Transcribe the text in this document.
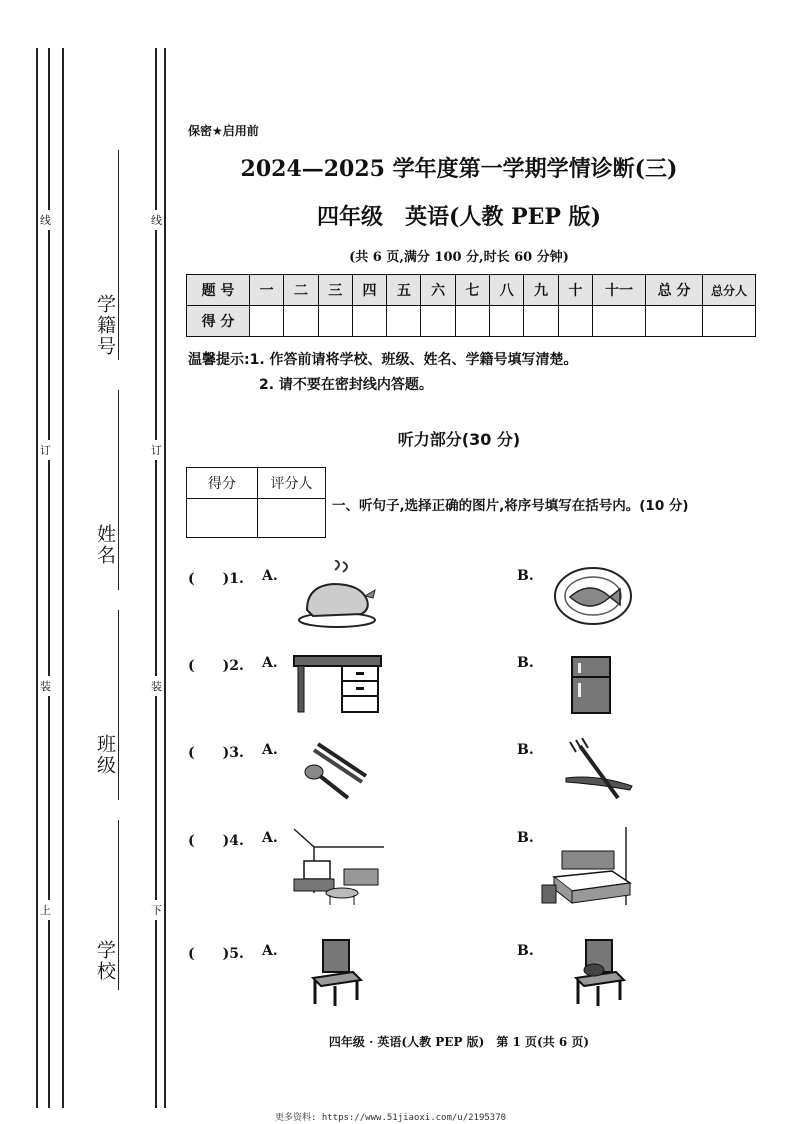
线
订
装
上
线
订
装
下
学籍号
姓名
班级
学校
保密★启用前
2024—2025 学年度第一学期学情诊断(三)
四年级　英语(人教 PEP 版)
(共 6 页,满分 100 分,时长 60 分钟)
题 号	一	二	三	四	五	六	七	八	九	十	十一	总 分	总分人
得 分													
温馨提示:1. 作答前请将学校、班级、姓名、学籍号填写清楚。
2. 请不要在密封线内答题。
听力部分(30 分)
得分	评分人

一、听句子,选择正确的图片,将序号填写在括号内。(10 分)
(　　)1. A.	B.
(　　)2. A.	B.
(　　)3. A.	B.
(　　)4. A.	B.
(　　)5. A.	B.
四年级 · 英语(人教 PEP 版)　第 1 页(共 6 页)
更多资料: https://www.51jiaoxi.com/u/2195370
